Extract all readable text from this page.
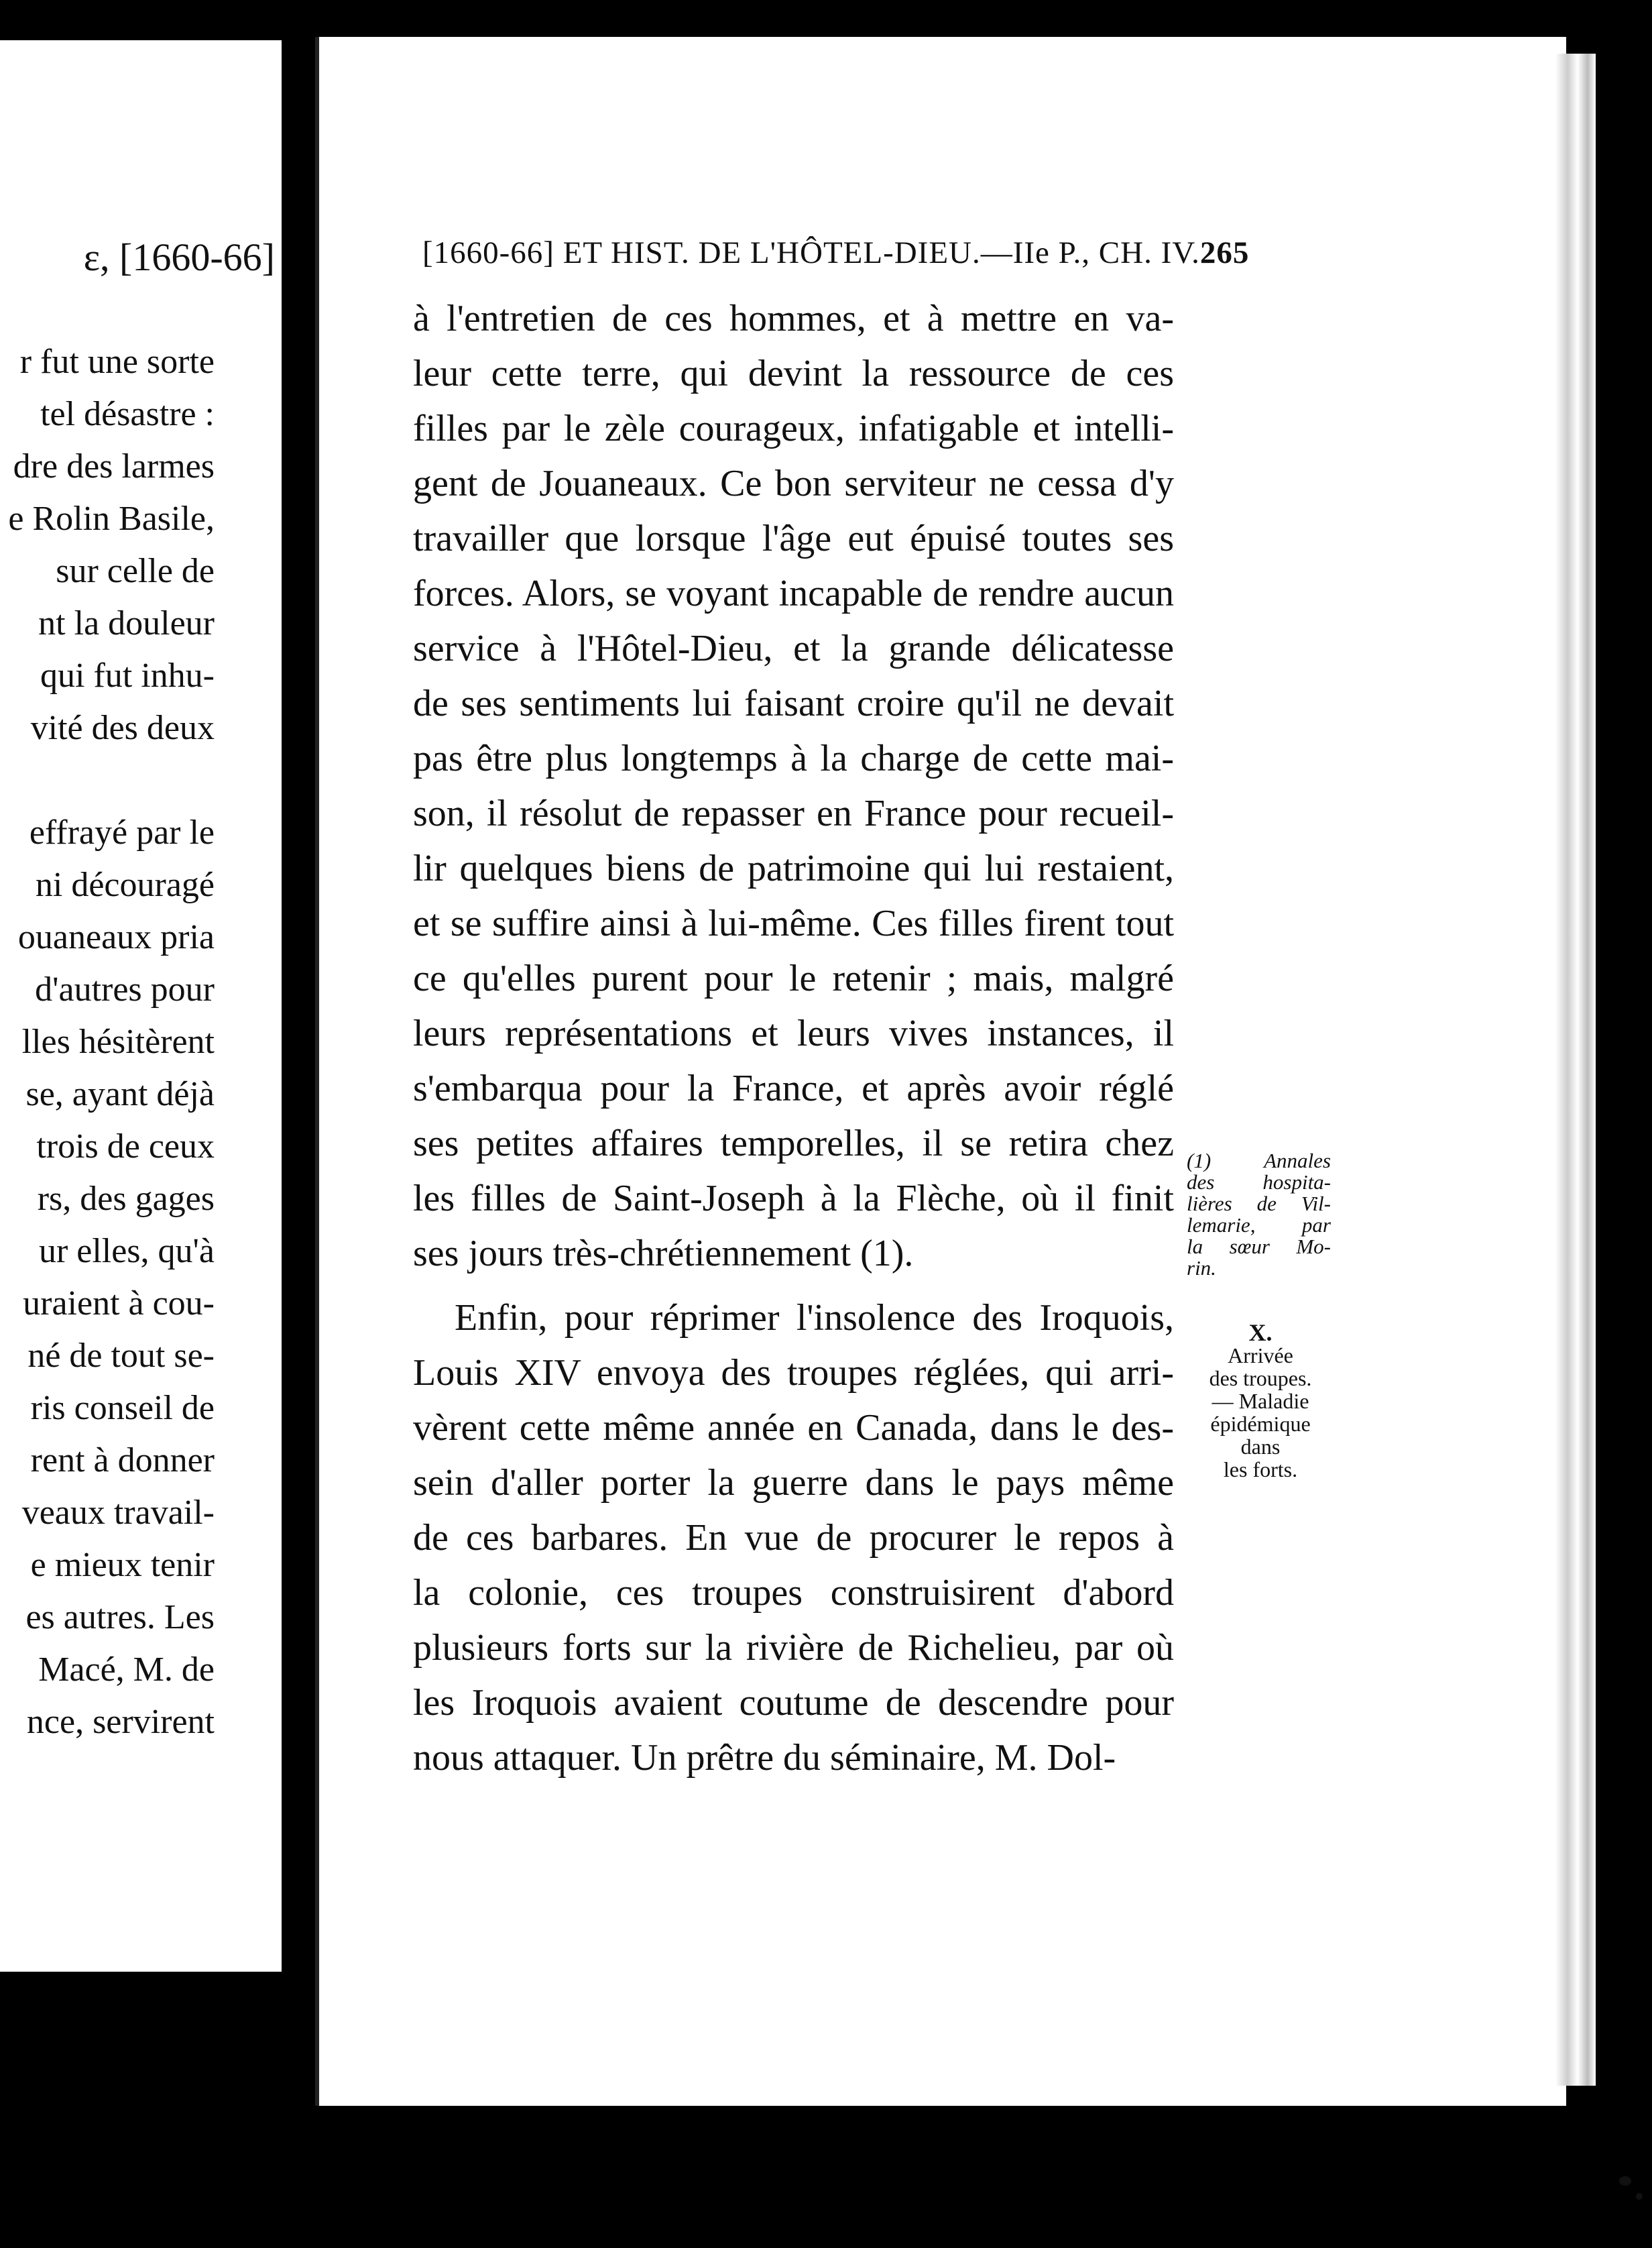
ɛ, [1660-66]
r fut une sorte
tel désastre :
dre des larmes
e Rolin Basile,
sur celle de
nt la douleur
qui fut inhu-
vité des deux
effrayé par le
ni découragé
ouaneaux pria
d'autres pour
lles hésitèrent
se, ayant déjà
trois de ceux
rs, des gages
ur elles, qu'à
uraient à cou-
né de tout se-
ris conseil de
rent à donner
veaux travail-
e mieux tenir
es autres. Les
Macé, M. de
nce, servirent
[1660-66] ET HIST. DE L'HÔTEL-DIEU.—IIe P., CH. IV. 265
à l'entretien de ces hommes, et à mettre en va-
leur cette terre, qui devint la ressource de ces
filles par le zèle courageux, infatigable et intelli-
gent de Jouaneaux. Ce bon serviteur ne cessa d'y
travailler que lorsque l'âge eut épuisé toutes ses
forces. Alors, se voyant incapable de rendre aucun
service à l'Hôtel-Dieu, et la grande délicatesse
de ses sentiments lui faisant croire qu'il ne devait
pas être plus longtemps à la charge de cette mai-
son, il résolut de repasser en France pour recueil-
lir quelques biens de patrimoine qui lui restaient,
et se suffire ainsi à lui-même. Ces filles firent tout
ce qu'elles purent pour le retenir ; mais, malgré
leurs représentations et leurs vives instances, il
s'embarqua pour la France, et après avoir réglé
ses petites affaires temporelles, il se retira chez
les filles de Saint-Joseph à la Flèche, où il finit
ses jours très-chrétiennement (1).
Enfin, pour réprimer l'insolence des Iroquois,
Louis XIV envoya des troupes réglées, qui arri-
vèrent cette même année en Canada, dans le des-
sein d'aller porter la guerre dans le pays même
de ces barbares. En vue de procurer le repos à
la colonie, ces troupes construisirent d'abord
plusieurs forts sur la rivière de Richelieu, par où
les Iroquois avaient coutume de descendre pour
nous attaquer. Un prêtre du séminaire, M. Dol-
(1) Annales
des hospita-
lières de Vil-
lemarie, par
la sœur Mo-
rin.
X.
Arrivée
des troupes.
— Maladie
épidémique
dans
les forts.
